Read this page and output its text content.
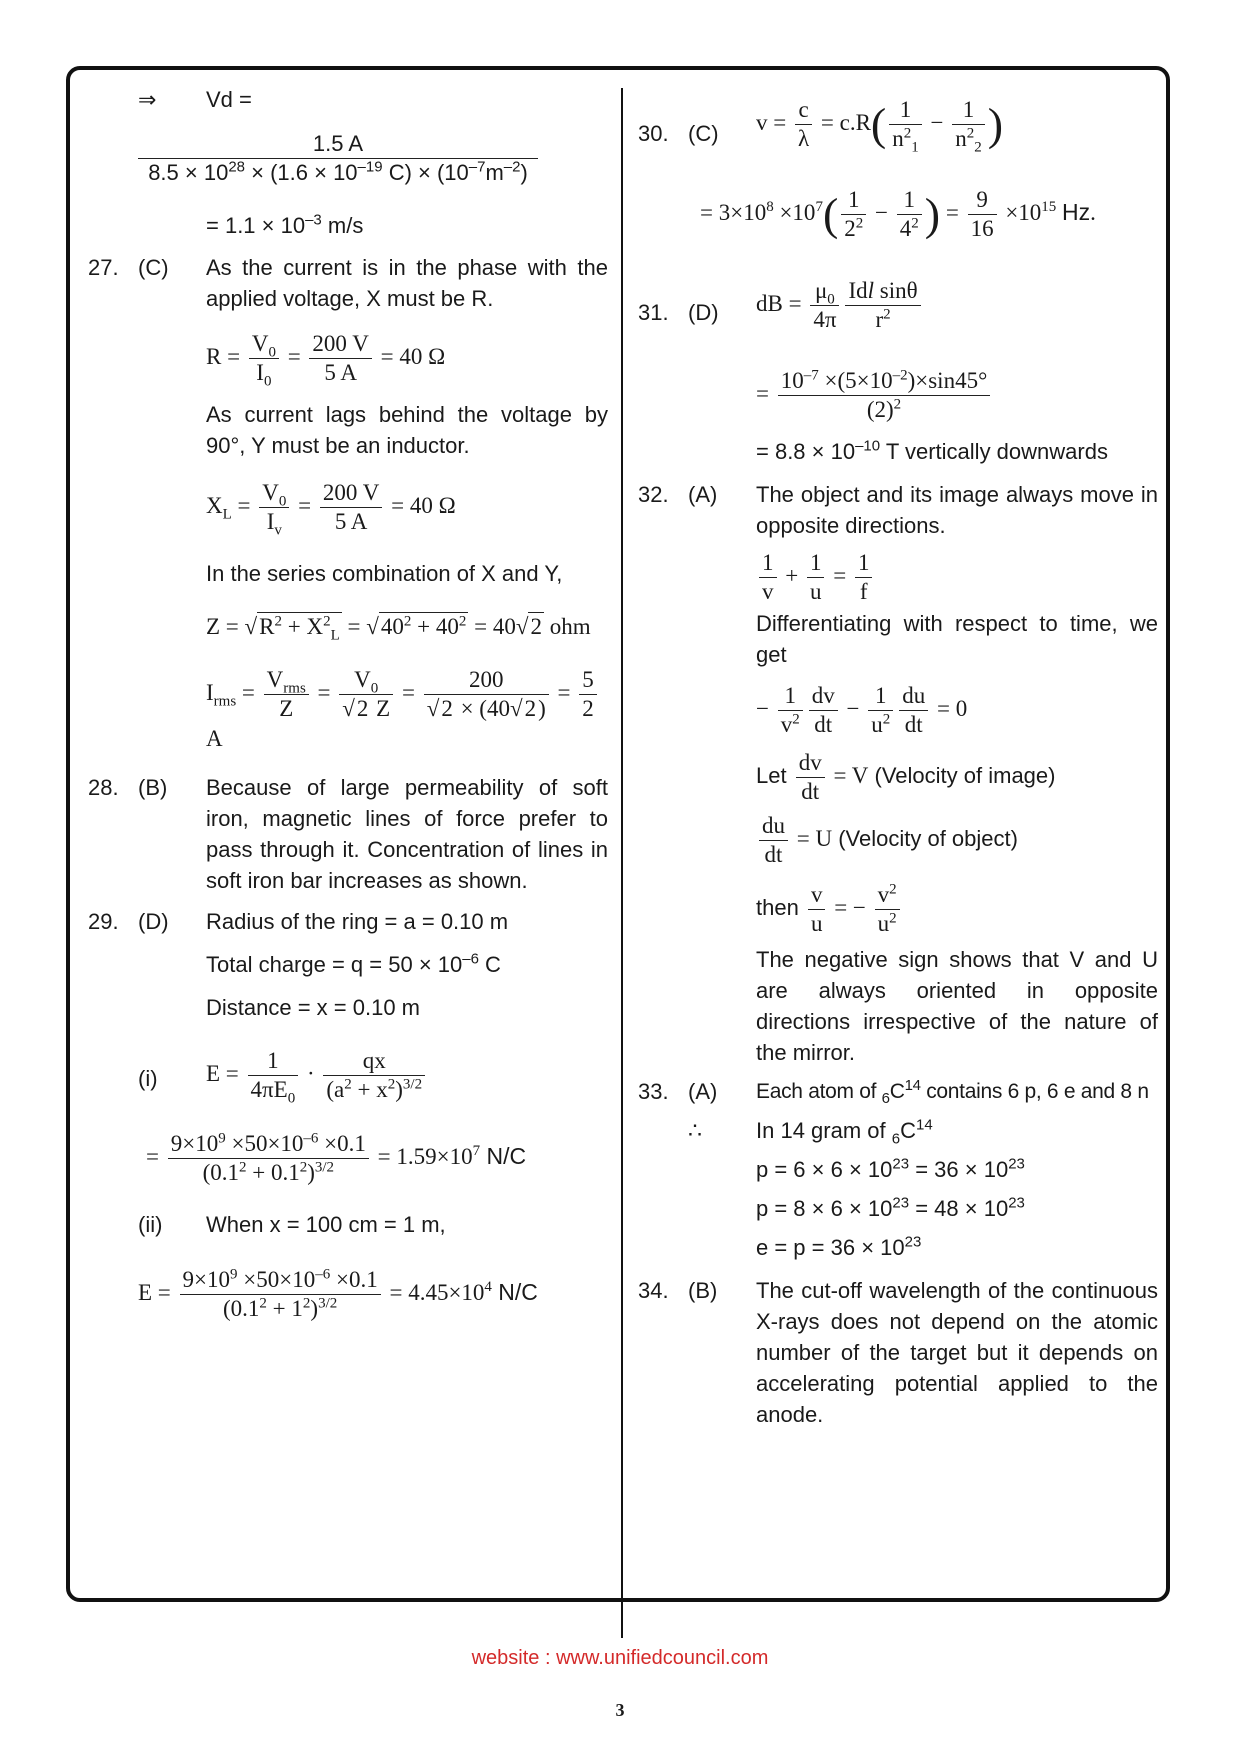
⇒ Vd =
$\frac{1.5 A}{8.5 \times 10^{28} \times (1.6 \times 10^{-19} C) \times (10^{-7}m^{-2})}$
= $1.1 \times 10^{-3}$ m/s
27. (C)	As the current is in the phase with the applied voltage, X must be R.
$R = \frac{V_0}{I_0} = \frac{200 V}{5 A} = 40$ Ω
As current lags behind the voltage by 90°, Y must be an inductor.
$X_L = \frac{V_0}{I_v} = \frac{200 V}{5 A} = 40$ Ω
In the series combination of X and Y,
$Z = √R^2 + X^2_L = √40^2 + 40^2 = 40√2$ ohm
$I_{rms} = \frac{V_{rms}}{Z} = \frac{V_0}{√2 Z} = \frac{200}{√2 \times (40√2)} = \frac{5}{2}$
A
28. (B)	Because of large permeability of soft iron, magnetic lines of force prefer to pass through it. Concentration of lines in soft iron bar increases as shown.
29. (D)	Radius of the ring = a = 0.10 m
Total charge = $q = 50 \times 10^{-6}$ C
Distance = x = 0.10 m
(i) $E = \frac{1}{4\pi E_0} \cdot \frac{qx}{(a^2 + x^2)^{3/2}}$
= $\frac{9\times 10^9 \times 50\times 10^{-6} \times 0.1}{(0.1^2 + 0.1^2)^{3/2}} = 1.59\times 10^7$ N/C
(ii)	When x = 100 cm = 1 m,
$E = \frac{9\times 10^9 \times 50\times 10^{-6} \times 0.1}{(0.1^2 + 1^2)^{3/2}} = 4.45\times 10^4$ N/C
30. (C)	$v = \frac{c}{\lambda} = c.R( \frac{1}{n^2_1} - \frac{1}{n^2_2}$ )
= $3\times 10^8 \times 10^7( \frac{1}{2^2} - \frac{1}{4^2}$ ) = $\frac{9}{16} \times 10^{15}$ Hz.
31. (D)	dB = $\frac{\mu_0}{4\pi} \frac{\text{Idl sinθ}}{r^2}$
= $\frac{10^{-7} \times(5\times 10^{-2})\times\sin 45^\circ}{(2)^2}$
= $8.8 \times 10^{-10}$ T vertically downwards
32. (A)	The object and its image always move in opposite directions.
$\frac{1}{v} + \frac{1}{u} = \frac{1}{f}$
Differentiating with respect to time, we get
− $\frac{1}{v^2} \frac{dv}{dt} - \frac{1}{u^2} \frac{du}{dt} = 0$
Let $\frac{dv}{dt} = V$ (Velocity of image)
$\frac{du}{dt} = U$ (Velocity of object)
then $\frac{v}{u}$ = − $\frac{v^2}{u^2}$
The negative sign shows that V and U are always oriented in opposite directions irrespective of the nature of the mirror.
33. (A)	Each atom of $_6C^{14}$ contains 6 p, 6 e and 8 n
∴	In 14 gram of $_6C^{14}$
$p = 6 \times 6 \times 10^{23} = 36 \times 10^{23}$
$p = 8 \times 6 \times 10^{23} = 48 \times 10^{23}$
$e = p = 36 \times 10^{23}$
34. (B)	The cut-off wavelength of the continuous X-rays does not depend on the atomic number of the target but it depends on accelerating potential applied to the anode.
website : www.unifiedcouncil.com
3
